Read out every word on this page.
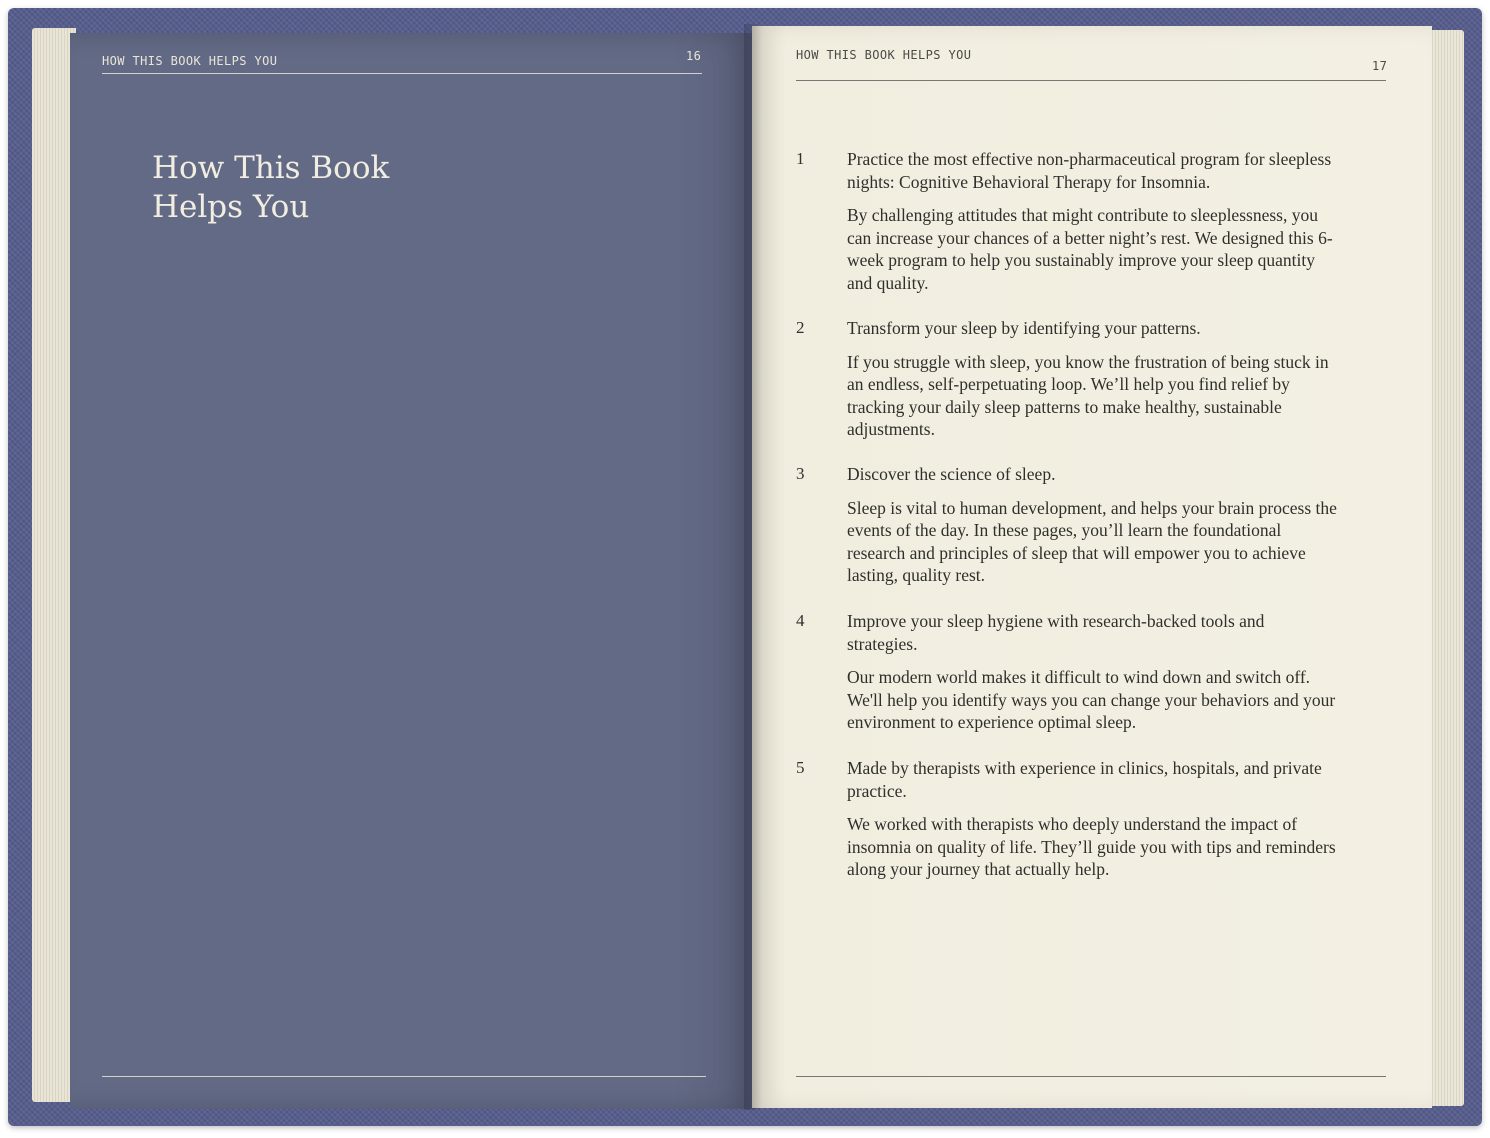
HOW THIS BOOK HELPS YOU	16
How This Book
Helps You
HOW THIS BOOK HELPS YOU
17
1 Practice the most effective non-pharmaceutical program for sleepless nights: Cognitive Behavioral Therapy for Insomnia.

By challenging attitudes that might contribute to sleeplessness, you can increase your chances of a better night’s rest. We designed this 6-week program to help you sustainably improve your sleep quantity and quality.

2 Transform your sleep by identifying your patterns.

If you struggle with sleep, you know the frustration of being stuck in an endless, self-perpetuating loop. We’ll help you find relief by tracking your daily sleep patterns to make healthy, sustainable adjustments.

3 Discover the science of sleep.

Sleep is vital to human development, and helps your brain process the events of the day. In these pages, you’ll learn the foundational research and principles of sleep that will empower you to achieve lasting, quality rest.

4 Improve your sleep hygiene with research-backed tools and strategies.

Our modern world makes it difficult to wind down and switch off. We'll help you identify ways you can change your behaviors and your environment to experience optimal sleep.

5 Made by therapists with experience in clinics, hospitals, and private practice.

We worked with therapists who deeply understand the impact of insomnia on quality of life. They’ll guide you with tips and reminders along your journey that actually help.
